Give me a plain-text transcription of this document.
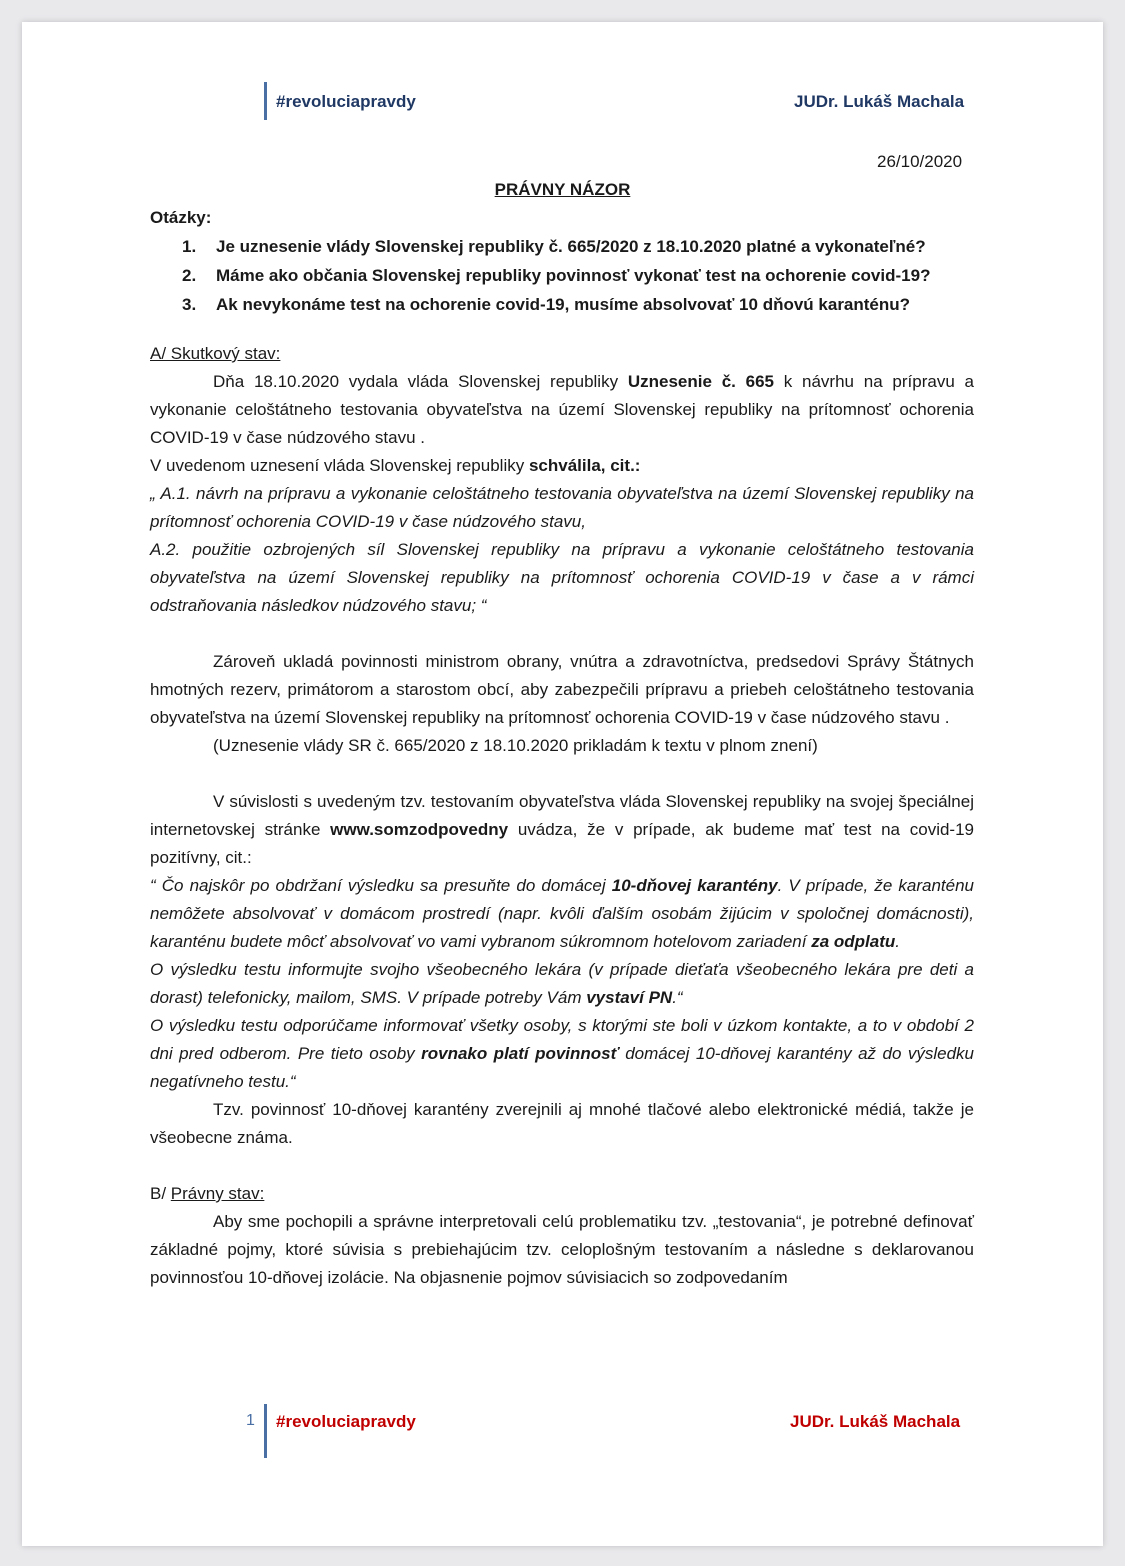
#revoluciapravdy	JUDr. Lukáš Machala
26/10/2020
PRÁVNY NÁZOR
Otázky:
1.	Je uznesenie vlády Slovenskej republiky č. 665/2020 z 18.10.2020 platné a vykonateľné?
2.	Máme ako občania Slovenskej republiky povinnosť vykonať test na ochorenie covid-19?
3.	Ak nevykonáme test na ochorenie covid-19, musíme absolvovať 10 dňovú karanténu?

A/ Skutkový stav:

Dňa 18.10.2020 vydala vláda Slovenskej republiky Uznesenie č. 665 k návrhu na prípravu a vykonanie celoštátneho testovania obyvateľstva na území Slovenskej republiky na prítomnosť ochorenia COVID-19 v čase núdzového stavu .

V uvedenom uznesení vláda Slovenskej republiky schválila, cit.:

„ A.1. návrh na prípravu a vykonanie celoštátneho testovania obyvateľstva na území Slovenskej republiky na prítomnosť ochorenia COVID-19 v čase núdzového stavu,

A.2. použitie ozbrojených síl Slovenskej republiky na prípravu a vykonanie celoštátneho testovania obyvateľstva na území Slovenskej republiky na prítomnosť ochorenia COVID-19 v čase a v rámci odstraňovania následkov núdzového stavu; “

Zároveň ukladá povinnosti ministrom obrany, vnútra a zdravotníctva, predsedovi Správy Štátnych hmotných rezerv, primátorom a starostom obcí, aby zabezpečili prípravu a priebeh celoštátneho testovania obyvateľstva na území Slovenskej republiky na prítomnosť ochorenia COVID-19 v čase núdzového stavu .

(Uznesenie vlády SR č. 665/2020 z 18.10.2020 prikladám k textu v plnom znení)

V súvislosti s uvedeným tzv. testovaním obyvateľstva vláda Slovenskej republiky na svojej špeciálnej internetovskej stránke www.somzodpovedny uvádza, že v prípade, ak budeme mať test na covid-19 pozitívny, cit.:

“ Čo najskôr po obdržaní výsledku sa presuňte do domácej 10-dňovej karantény. V prípade, že karanténu nemôžete absolvovať v domácom prostredí (napr. kvôli ďalším osobám žijúcim v spoločnej domácnosti), karanténu budete môcť absolvovať vo vami vybranom súkromnom hotelovom zariadení za odplatu.

O výsledku testu informujte svojho všeobecného lekára (v prípade dieťaťa všeobecného lekára pre deti a dorast) telefonicky, mailom, SMS. V prípade potreby Vám vystaví PN.“

O výsledku testu odporúčame informovať všetky osoby, s ktorými ste boli v úzkom kontakte, a to v období 2 dni pred odberom. Pre tieto osoby rovnako platí povinnosť domácej 10-dňovej karantény až do výsledku negatívneho testu.“

Tzv. povinnosť 10-dňovej karantény zverejnili aj mnohé tlačové alebo elektronické médiá, takže je všeobecne známa.

B/ Právny stav:

Aby sme pochopili a správne interpretovali celú problematiku tzv. „testovania“, je potrebné definovať základné pojmy, ktoré súvisia s prebiehajúcim tzv. celoplošným testovaním a následne s deklarovanou povinnosťou 10-dňovej izolácie. Na objasnenie pojmov súvisiacich so zodpovedaním

1 #revoluciapravdy	JUDr. Lukáš Machala
